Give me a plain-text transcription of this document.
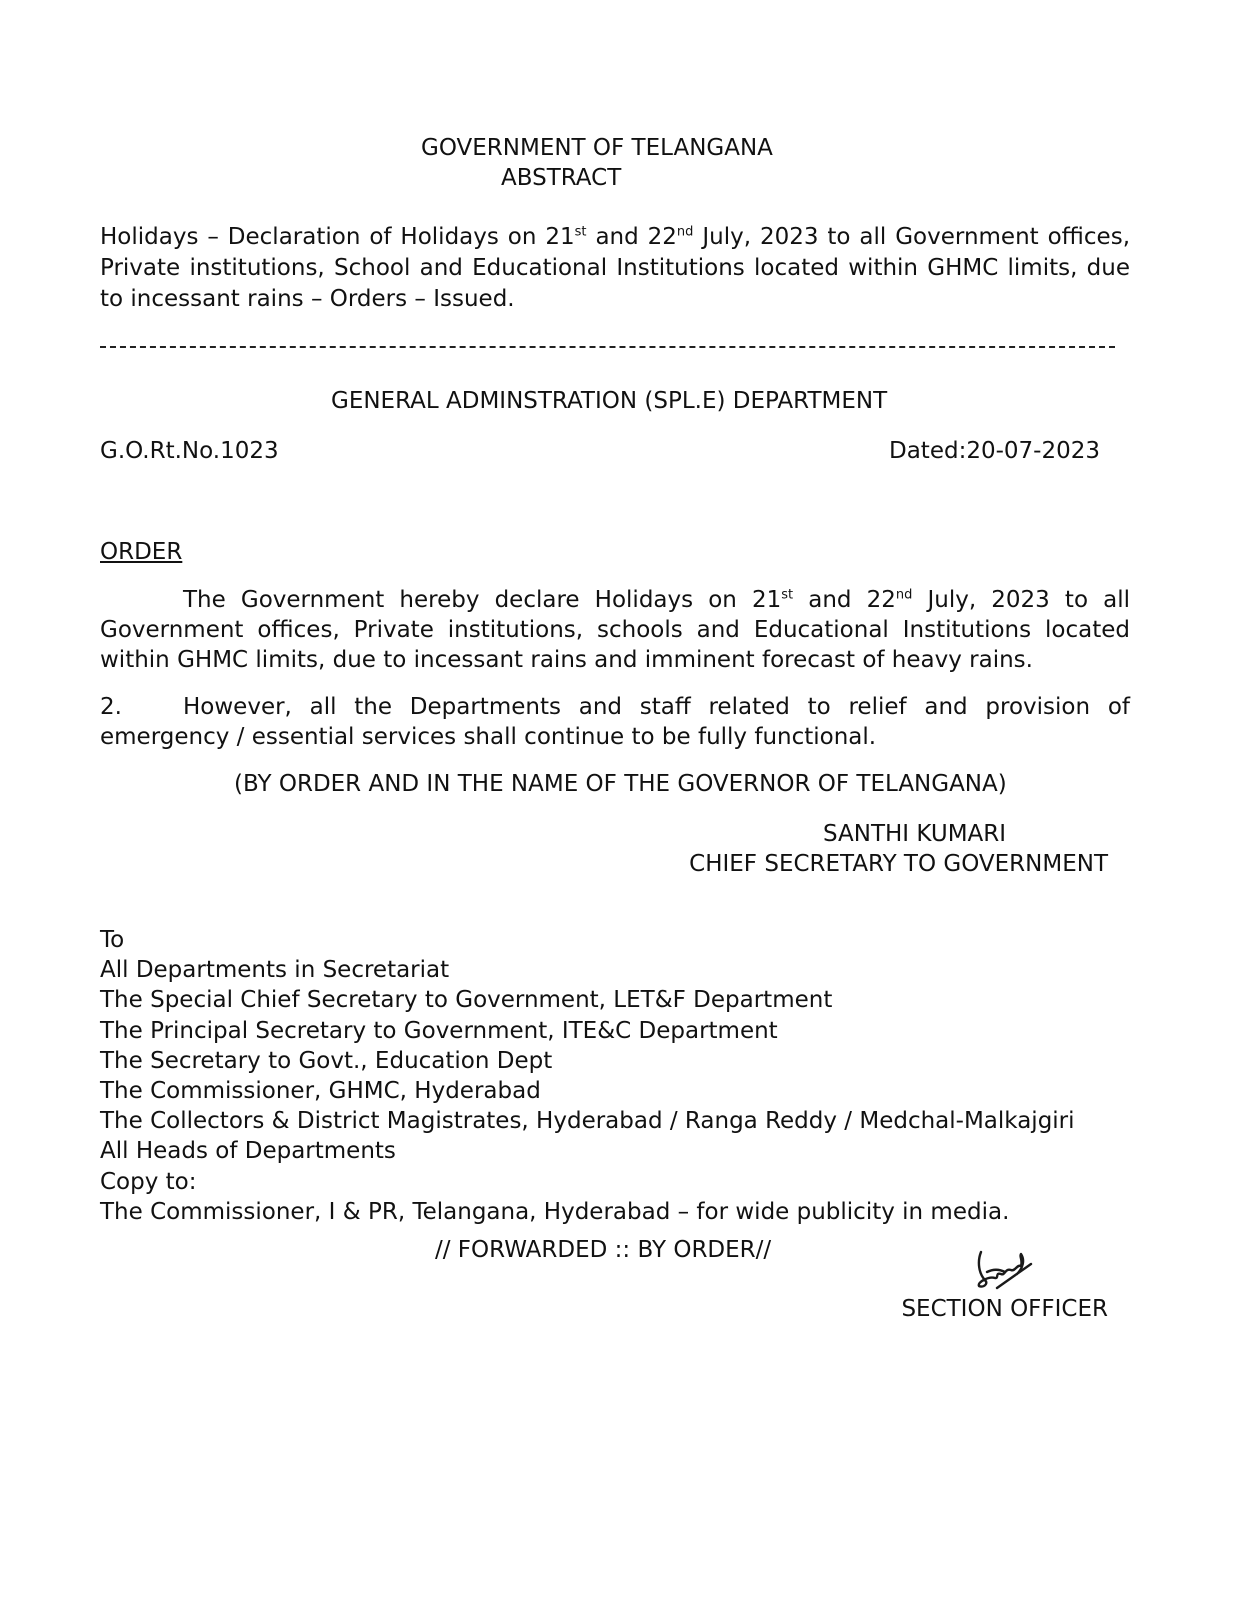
GOVERNMENT OF TELANGANA
ABSTRACT
Holidays – Declaration of Holidays on 21st and 22nd July, 2023 to all Government offices, Private institutions, School and Educational Institutions located within GHMC limits, due to incessant rains – Orders – Issued.
GENERAL ADMINSTRATION (SPL.E) DEPARTMENT
G.O.Rt.No.1023	Dated:20-07-2023
ORDER
The Government hereby declare Holidays on 21st and 22nd July, 2023 to all Government offices, Private institutions, schools and Educational Institutions located within GHMC limits, due to incessant rains and imminent forecast of heavy rains.
2.	However, all the Departments and staff related to relief and provision of emergency / essential services shall continue to be fully functional.
(BY ORDER AND IN THE NAME OF THE GOVERNOR OF TELANGANA)
SANTHI KUMARI
CHIEF SECRETARY TO GOVERNMENT
To
All Departments in Secretariat
The Special Chief Secretary to Government, LET&F Department
The Principal Secretary to Government, ITE&C Department
The Secretary to Govt., Education Dept
The Commissioner, GHMC, Hyderabad
The Collectors & District Magistrates, Hyderabad / Ranga Reddy / Medchal-Malkajgiri
All Heads of Departments
Copy to:
The Commissioner, I & PR, Telangana, Hyderabad – for wide publicity in media.
// FORWARDED :: BY ORDER//
SECTION OFFICER
